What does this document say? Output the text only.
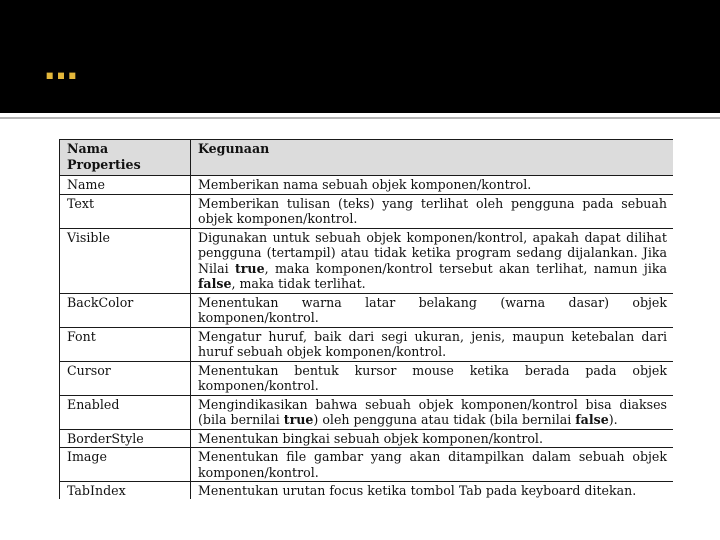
…
Nama Properties	Kegunaan
Name	Memberikan nama sebuah objek komponen/kontrol.
Text	Memberikan tulisan (teks) yang terlihat oleh pengguna pada sebuah objek komponen/kontrol.
Visible	Digunakan untuk sebuah objek komponen/kontrol, apakah dapat dilihat pengguna (tertampil) atau tidak ketika program sedang dijalankan. Jika Nilai true, maka komponen/kontrol tersebut akan terlihat, namun jika false, maka tidak terlihat.
BackColor	Menentukan warna latar belakang (warna dasar) objek komponen/kontrol.
Font	Mengatur huruf, baik dari segi ukuran, jenis, maupun ketebalan dari huruf sebuah objek komponen/kontrol.
Cursor	Menentukan bentuk kursor mouse ketika berada pada objek komponen/kontrol.
Enabled	Mengindikasikan bahwa sebuah objek komponen/kontrol bisa diakses (bila bernilai true) oleh pengguna atau tidak (bila bernilai false).
BorderStyle	Menentukan bingkai sebuah objek komponen/kontrol.
Image	Menentukan file gambar yang akan ditampilkan dalam sebuah objek komponen/kontrol.
TabIndex	Menentukan urutan focus ketika tombol Tab pada keyboard ditekan.
